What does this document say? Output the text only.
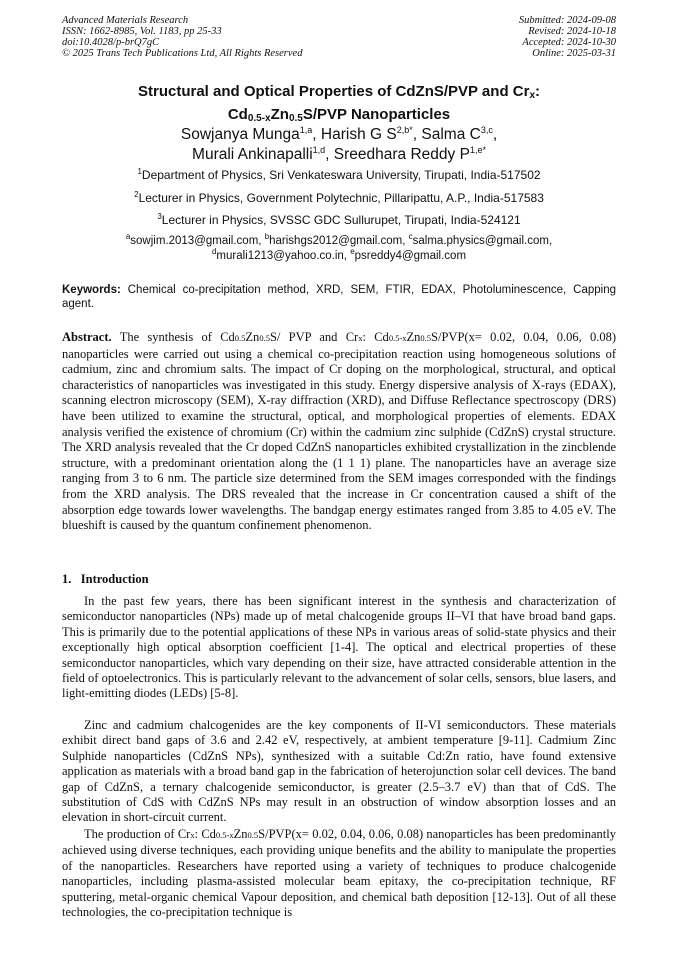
Advanced Materials Research
ISSN: 1662-8985, Vol. 1183, pp 25-33
doi:10.4028/p-brQ7gC
© 2025 Trans Tech Publications Ltd, All Rights Reserved
Submitted: 2024-09-08
Revised: 2024-10-18
Accepted: 2024-10-30
Online: 2025-03-31
Structural and Optical Properties of CdZnS/PVP and $Cr_x$:
$Cd_{0.5-x}Zn_{0.5}S$/PVP Nanoparticles
Sowjanya Munga$^{1,a}$, Harish G $S^{2,b*}$, Salma C$^{3,c}$,
Murali Ankinapalli$^{1,d}$, Sreedhara Reddy $P^{1,e*}$
$^1$Department of Physics, Sri Venkateswara University, Tirupati, India-517502
$^2$Lecturer in Physics, Government Polytechnic, Pillaripattu, A.P., India-517583
$^3$Lecturer in Physics, SVSSC GDC Sullurupet, Tirupati, India-524121
$^a$sowjim.2013@gmail.com, $^b$harishgs2012@gmail.com, $^c$salma.physics@gmail.com,
$^d$murali1213@yahoo.co.in, $^e$psreddy4@gmail.com
Keywords: Chemical co-precipitation method, XRD, SEM, FTIR, EDAX, Photoluminescence, Capping agent.
Abstract. The synthesis of Cd0.5Zn0.5S/ PVP and Crx: Cd0.5-xZn0.5S/PVP(x= 0.02, 0.04, 0.06, 0.08) nanoparticles were carried out using a chemical co-precipitation reaction using homogeneous solutions of cadmium, zinc and chromium salts. The impact of Cr doping on the morphological, structural, and optical characteristics of nanoparticles was investigated in this study. Energy dispersive analysis of X-rays (EDAX), scanning electron microscopy (SEM), X-ray diffraction (XRD), and Diffuse Reflectance spectroscopy (DRS) have been utilized to examine the structural, optical, and morphological properties of elements. EDAX analysis verified the existence of chromium (Cr) within the cadmium zinc sulphide (CdZnS) crystal structure. The XRD analysis revealed that the Cr doped CdZnS nanoparticles exhibited crystallization in the zincblende structure, with a predominant orientation along the (1 1 1) plane. The nanoparticles have an average size ranging from 3 to 6 nm. The particle size determined from the SEM images corresponded with the findings from the XRD analysis. The DRS revealed that the increase in Cr concentration caused a shift of the absorption edge towards lower wavelengths. The bandgap energy estimates ranged from 3.85 to 4.05 eV. The blueshift is caused by the quantum confinement phenomenon.
1.   Introduction
In the past few years, there has been significant interest in the synthesis and characterization of semiconductor nanoparticles (NPs) made up of metal chalcogenide groups II–VI that have broad band gaps. This is primarily due to the potential applications of these NPs in various areas of solid-state physics and their exceptionally high optical absorption coefficient [1-4]. The optical and electrical properties of these semiconductor nanoparticles, which vary depending on their size, have attracted considerable attention in the field of optoelectronics. This is particularly relevant to the advancement of solar cells, sensors, blue lasers, and light-emitting diodes (LEDs) [5-8].
Zinc and cadmium chalcogenides are the key components of II-VI semiconductors. These materials exhibit direct band gaps of 3.6 and 2.42 eV, respectively, at ambient temperature [9-11]. Cadmium Zinc Sulphide nanoparticles (CdZnS NPs), synthesized with a suitable Cd:Zn ratio, have found extensive application as materials with a broad band gap in the fabrication of heterojunction solar cell devices. The band gap of CdZnS, a ternary chalcogenide semiconductor, is greater (2.5–3.7 eV) than that of CdS. The substitution of CdS with CdZnS NPs may result in an obstruction of window absorption losses and an elevation in short-circuit current.
The production of Crx: Cd0.5-xZn0.5S/PVP(x= 0.02, 0.04, 0.06, 0.08) nanoparticles has been predominantly achieved using diverse techniques, each providing unique benefits and the ability to manipulate the properties of the nanoparticles. Researchers have reported using a variety of techniques to produce chalcogenide nanoparticles, including plasma-assisted molecular beam epitaxy, the co-precipitation technique, RF sputtering, metal-organic chemical Vapour deposition, and chemical bath deposition [12-13]. Out of all these technologies, the co-precipitation technique is
